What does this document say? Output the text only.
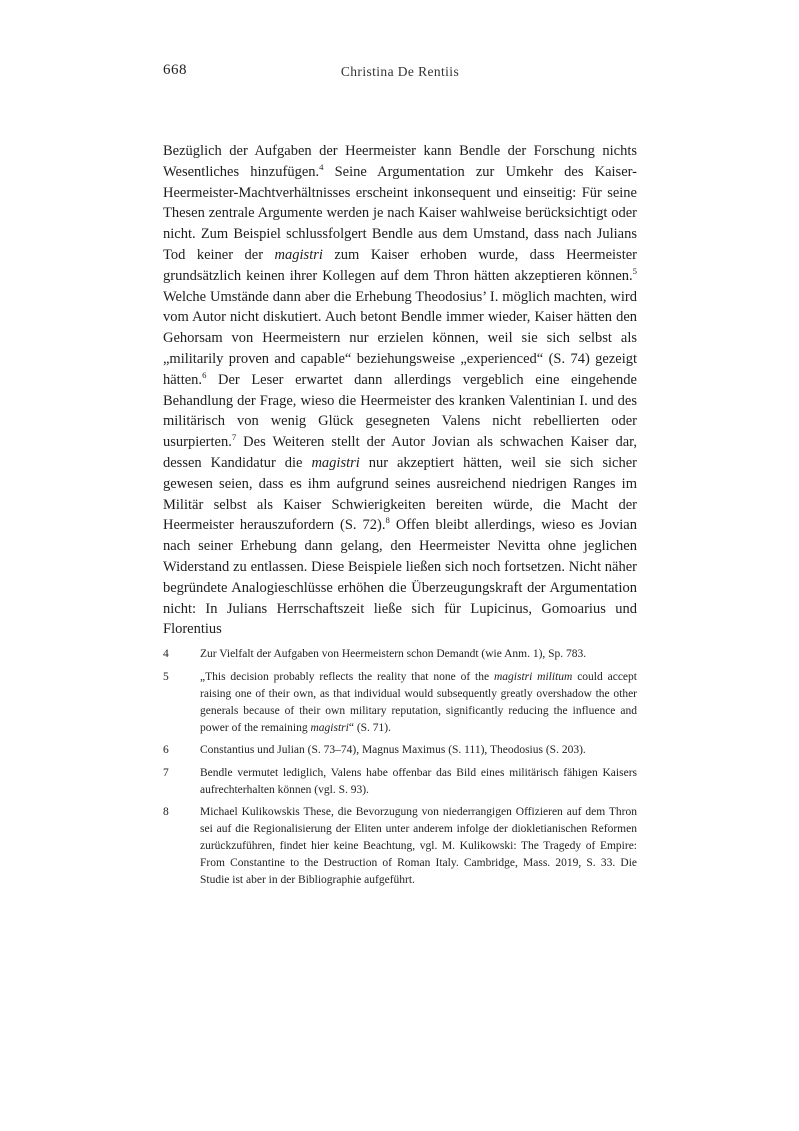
668	Christina De Rentiis
Bezüglich der Aufgaben der Heermeister kann Bendle der Forschung nichts Wesentliches hinzufügen.$^4$ Seine Argumentation zur Umkehr des Kaiser-Heermeister-Machtverhältnisses erscheint inkonsequent und einseitig: Für seine Thesen zentrale Argumente werden je nach Kaiser wahlweise berücksichtigt oder nicht. Zum Beispiel schlussfolgert Bendle aus dem Umstand, dass nach Julians Tod keiner der magistri zum Kaiser erhoben wurde, dass Heermeister grundsätzlich keinen ihrer Kollegen auf dem Thron hätten akzeptieren können.$^5$ Welche Umstände dann aber die Erhebung Theodosius’ I. möglich machten, wird vom Autor nicht diskutiert. Auch betont Bendle immer wieder, Kaiser hätten den Gehorsam von Heermeistern nur erzielen können, weil sie sich selbst als „militarily proven and capable“ beziehungsweise „experienced“ (S. 74) gezeigt hätten.$^6$ Der Leser erwartet dann allerdings vergeblich eine eingehende Behandlung der Frage, wieso die Heermeister des kranken Valentinian I. und des militärisch von wenig Glück gesegneten Valens nicht rebellierten oder usurpierten.$^7$ Des Weiteren stellt der Autor Jovian als schwachen Kaiser dar, dessen Kandidatur die magistri nur akzeptiert hätten, weil sie sich sicher gewesen seien, dass es ihm aufgrund seines ausreichend niedrigen Ranges im Militär selbst als Kaiser Schwierigkeiten bereiten würde, die Macht der Heermeister herauszufordern (S. 72).$^8$ Offen bleibt allerdings, wieso es Jovian nach seiner Erhebung dann gelang, den Heermeister Nevitta ohne jeglichen Widerstand zu entlassen. Diese Beispiele ließen sich noch fortsetzen. Nicht näher begründete Analogieschlüsse erhöhen die Überzeugungskraft der Argumentation nicht: In Julians Herrschaftszeit ließe sich für Lupicinus, Gomoarius und Florentius
4	Zur Vielfalt der Aufgaben von Heermeistern schon Demandt (wie Anm. 1), Sp. 783.
5	„This decision probably reflects the reality that none of the magistri militum could accept raising one of their own, as that individual would subsequently greatly overshadow the other generals because of their own military reputation, significantly reducing the influence and power of the remaining magistri“ (S. 71).
6	Constantius und Julian (S. 73–74), Magnus Maximus (S. 111), Theodosius (S. 203).
7	Bendle vermutet lediglich, Valens habe offenbar das Bild eines militärisch fähigen Kaisers aufrechterhalten können (vgl. S. 93).
8	Michael Kulikowskis These, die Bevorzugung von niederrangigen Offizieren auf dem Thron sei auf die Regionalisierung der Eliten unter anderem infolge der diokletianischen Reformen zurückzuführen, findet hier keine Beachtung, vgl. M. Kulikowski: The Tragedy of Empire: From Constantine to the Destruction of Roman Italy. Cambridge, Mass. 2019, S. 33. Die Studie ist aber in der Bibliographie aufgeführt.
